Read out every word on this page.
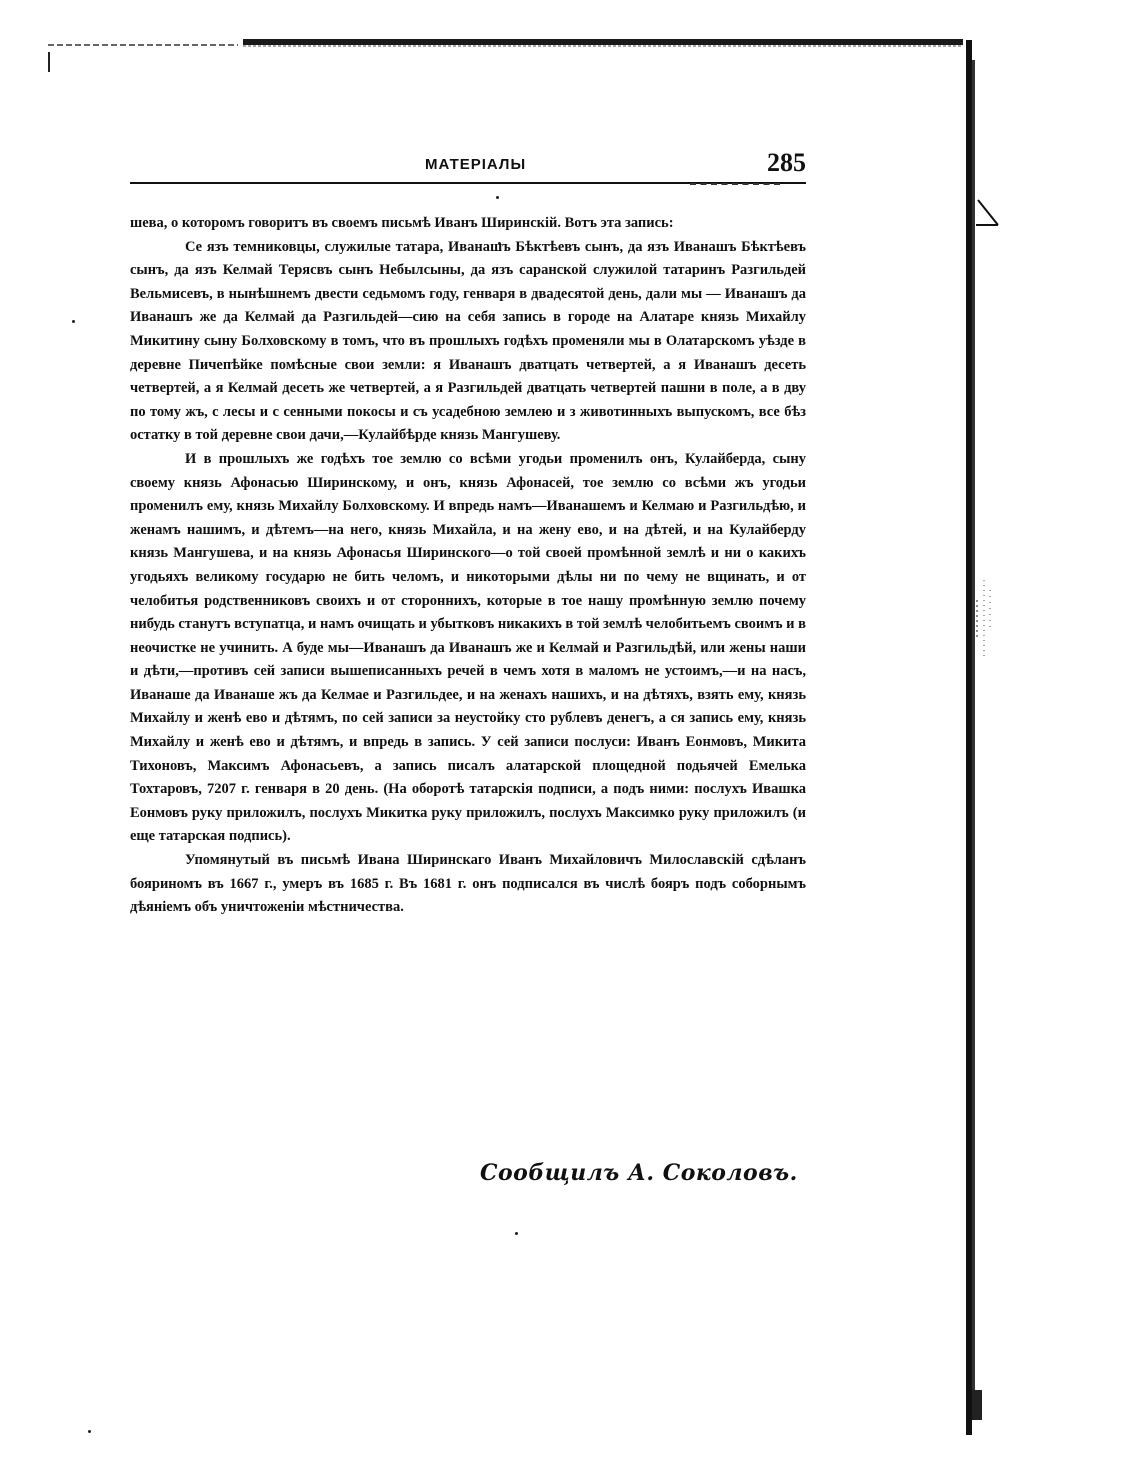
МАТЕРІАЛЫ	285

шева, о которомъ говоритъ въ своемъ письмѣ Иванъ Ширинскій. Вотъ эта запись:

Се язъ темниковцы, служилые татара, Иванашъ Бѣктѣевъ сынъ, да язъ Иванашъ Бѣктѣевъ сынъ, да язъ Келмай Терясвъ сынъ Небылсыны, да язъ саранской служилой татаринъ Разгильдей Вельмисевъ, в нынѣшнемъ двести седьмомъ году, генваря в двадесятой день, дали мы — Иванашъ да Иванашъ же да Келмай да Разгильдей—сию на себя запись в городе на Алатаре князь Михайлу Микитину сыну Болховскому в томъ, что въ прошлыхъ годѣхъ променяли мы в Олатарскомъ уѣзде в деревне Пичепѣйке помѣсные свои земли: я Иванашъ дватцать четвертей, а я Иванашъ десеть четвертей, а я Келмай десеть же четвертей, а я Разгильдей дватцать четвертей пашни в поле, а в дву по тому жъ, с лесы и с сенными покосы и съ усадебною землею и з животинныхъ выпускомъ, все бѣз остатку в той деревне свои дачи,—Кулайбѣрде князь Мангушеву.

И в прошлыхъ же годѣхъ тое землю со всѣми угодьи променилъ онъ, Кулайберда, сыну своему князь Афонасью Ширинскому, и онъ, князь Афонасей, тое землю со всѣми жъ угодьи променилъ ему, князь Михайлу Болховскому. И впредь намъ—Иванашемъ и Келмаю и Разгильдѣю, и женамъ нашимъ, и дѣтемъ—на него, князь Михайла, и на жену ево, и на дѣтей, и на Кулайберду князь Мангушева, и на князь Афонасья Ширинского—о той своей промѣнной землѣ и ни о какихъ угодьяхъ великому государю не бить челомъ, и никоторыми дѣлы ни по чему не вщинать, и от челобитья родственниковъ своихъ и от стороннихъ, которые в тое нашу промѣнную землю почему нибудь станутъ вступатца, и намъ очищать и убытковъ никакихъ в той землѣ челобитьемъ своимъ и в неочистке не учинить. А буде мы—Иванашъ да Иванашъ же и Келмай и Разгильдѣй, или жены наши и дѣти,—противъ сей записи вышеписанныхъ речей в чемъ хотя в маломъ не устоимъ,—и на насъ, Иванаше да Иванаше жъ да Келмае и Разгильдее, и на женахъ нашихъ, и на дѣтяхъ, взять ему, князь Михайлу и женѣ ево и дѣтямъ, по сей записи за неустойку сто рублевъ денегъ, а ся запись ему, князь Михайлу и женѣ ево и дѣтямъ, и впредь в запись. У сей записи послуси: Иванъ Еонмовъ, Микита Тихоновъ, Максимъ Афонасьевъ, а запись писалъ алатарской площедной подьячей Емелька Тохтаровъ, 7207 г. генваря в 20 день. (На оборотѣ татарскія подписи, а подъ ними: послухъ Ивашка Еонмовъ руку приложилъ, послухъ Микитка руку приложилъ, послухъ Максимко руку приложилъ (и еще татарская подпись).

Упомянутый въ письмѣ Ивана Ширинскаго Иванъ Михайловичъ Милославскій сдѣланъ бояриномъ въ 1667 г., умеръ въ 1685 г. Въ 1681 г. онъ подписался въ числѣ бояръ подъ соборнымъ дѣяніемъ объ уничтоженіи мѣстничества.

Сообщилъ А. Соколовъ.
